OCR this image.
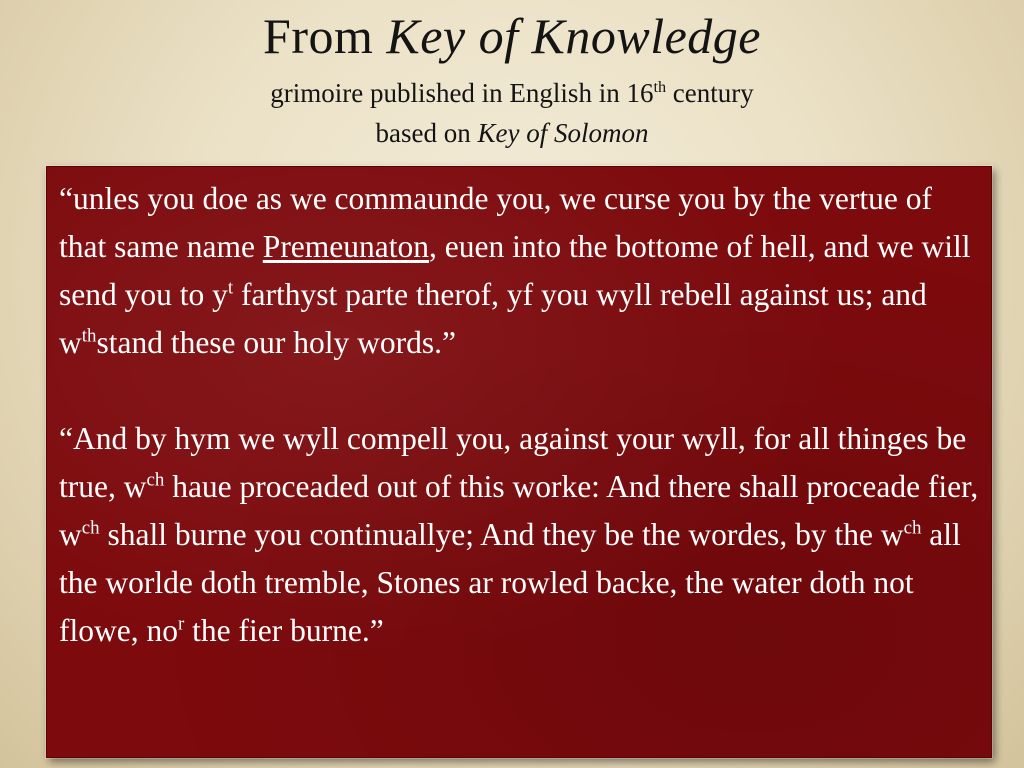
From Key of Knowledge
grimoire published in English in 16th century
based on Key of Solomon

“unles you doe as we commaunde you, we curse you by the vertue of that same name Premeunaton, euen into the bottome of hell, and we will send you to $y^t$ farthyst parte therof, yf you wyll rebell against us; and $w^{th}stand$ these our holy words.”

“And by hym we wyll compell you, against your wyll, for all thinges be true, $w^{ch}$ haue proceaded out of this worke: And there shall proceade fier, $w^{ch}$ shall burne you continuallye; And they be the wordes, by the $w^{ch}$ all the worlde doth tremble, Stones ar rowled backe, the water doth not flowe, $no^r$ the fier burne.”
